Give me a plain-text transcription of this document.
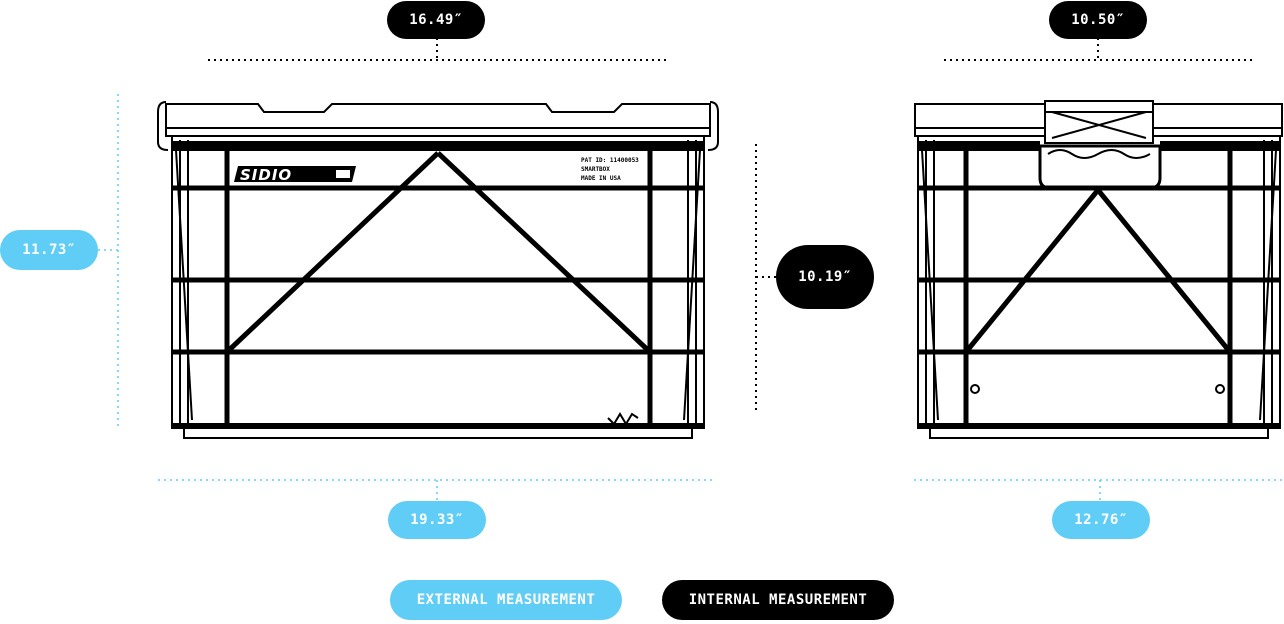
SIDIO
PAT ID: 11400053
SMARTBOX
MADE IN USA
16.49″	10.50″
10.19″
11.73″
19.33″	12.76″
EXTERNAL MEASUREMENT	INTERNAL MEASUREMENT
